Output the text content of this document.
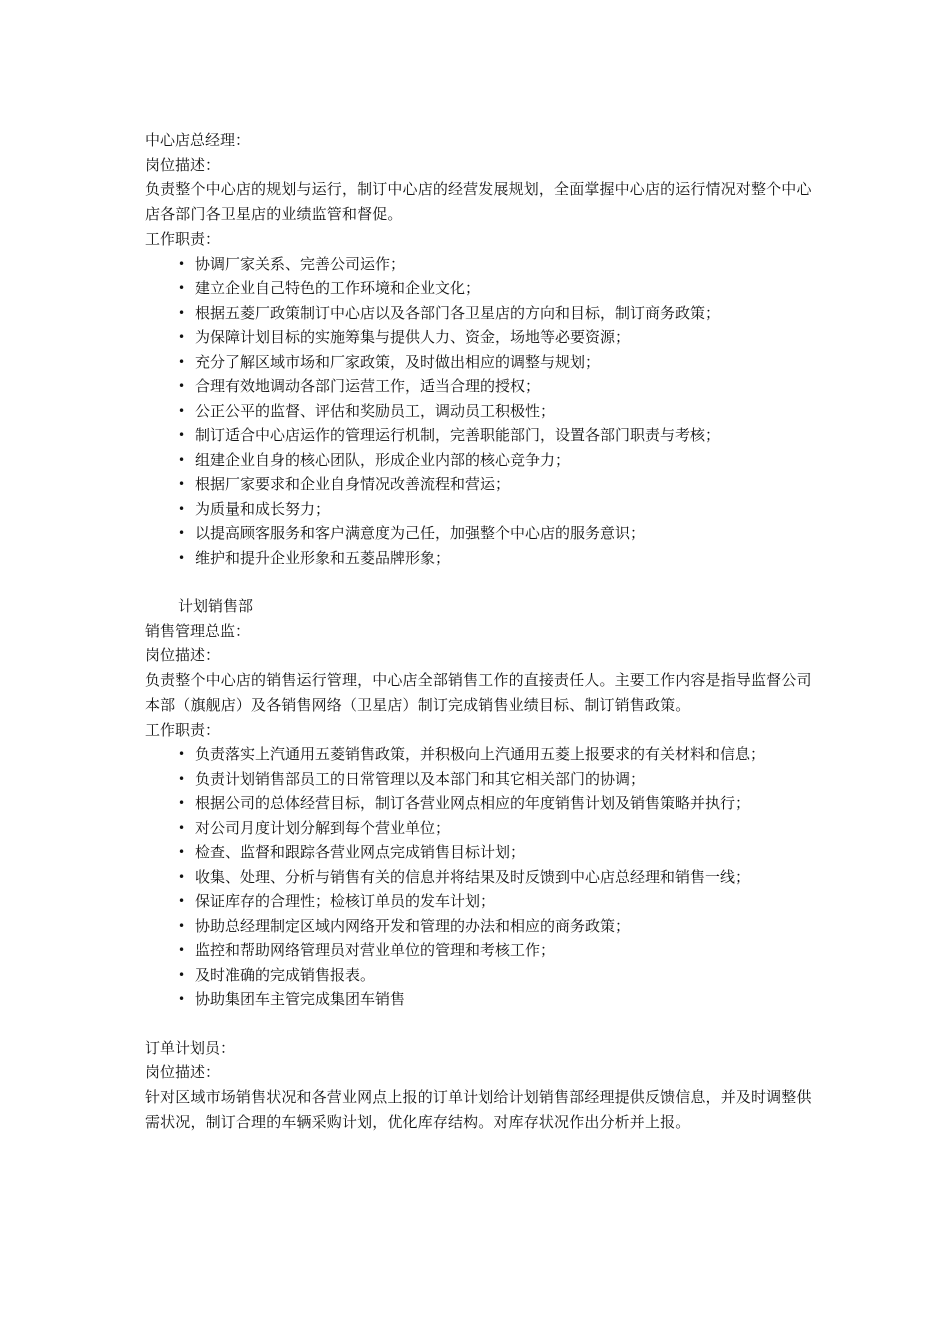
中心店总经理：
岗位描述：
负责整个中心店的规划与运行，制订中心店的经营发展规划，全面掌握中心店的运行情况对整个中心店各部门各卫星店的业绩监管和督促。
工作职责：
• 协调厂家关系、完善公司运作；
• 建立企业自己特色的工作环境和企业文化；
• 根据五菱厂政策制订中心店以及各部门各卫星店的方向和目标，制订商务政策；
• 为保障计划目标的实施筹集与提供人力、资金，场地等必要资源；
• 充分了解区域市场和厂家政策，及时做出相应的调整与规划；
• 合理有效地调动各部门运营工作，适当合理的授权；
• 公正公平的监督、评估和奖励员工，调动员工积极性；
• 制订适合中心店运作的管理运行机制，完善职能部门，设置各部门职责与考核；
• 组建企业自身的核心团队，形成企业内部的核心竞争力；
• 根据厂家要求和企业自身情况改善流程和营运；
• 为质量和成长努力；
• 以提高顾客服务和客户满意度为己任，加强整个中心店的服务意识；
• 维护和提升企业形象和五菱品牌形象；
计划销售部
销售管理总监：
岗位描述：
负责整个中心店的销售运行管理，中心店全部销售工作的直接责任人。主要工作内容是指导监督公司本部（旗舰店）及各销售网络（卫星店）制订完成销售业绩目标、制订销售政策。
工作职责：
• 负责落实上汽通用五菱销售政策，并积极向上汽通用五菱上报要求的有关材料和信息；
• 负责计划销售部员工的日常管理以及本部门和其它相关部门的协调；
• 根据公司的总体经营目标，制订各营业网点相应的年度销售计划及销售策略并执行；
• 对公司月度计划分解到每个营业单位；
• 检查、监督和跟踪各营业网点完成销售目标计划；
• 收集、处理、分析与销售有关的信息并将结果及时反馈到中心店总经理和销售一线；
• 保证库存的合理性；检核订单员的发车计划；
• 协助总经理制定区域内网络开发和管理的办法和相应的商务政策；
• 监控和帮助网络管理员对营业单位的管理和考核工作；
• 及时准确的完成销售报表。
• 协助集团车主管完成集团车销售
订单计划员：
岗位描述：
针对区域市场销售状况和各营业网点上报的订单计划给计划销售部经理提供反馈信息，并及时调整供需状况，制订合理的车辆采购计划，优化库存结构。对库存状况作出分析并上报。
